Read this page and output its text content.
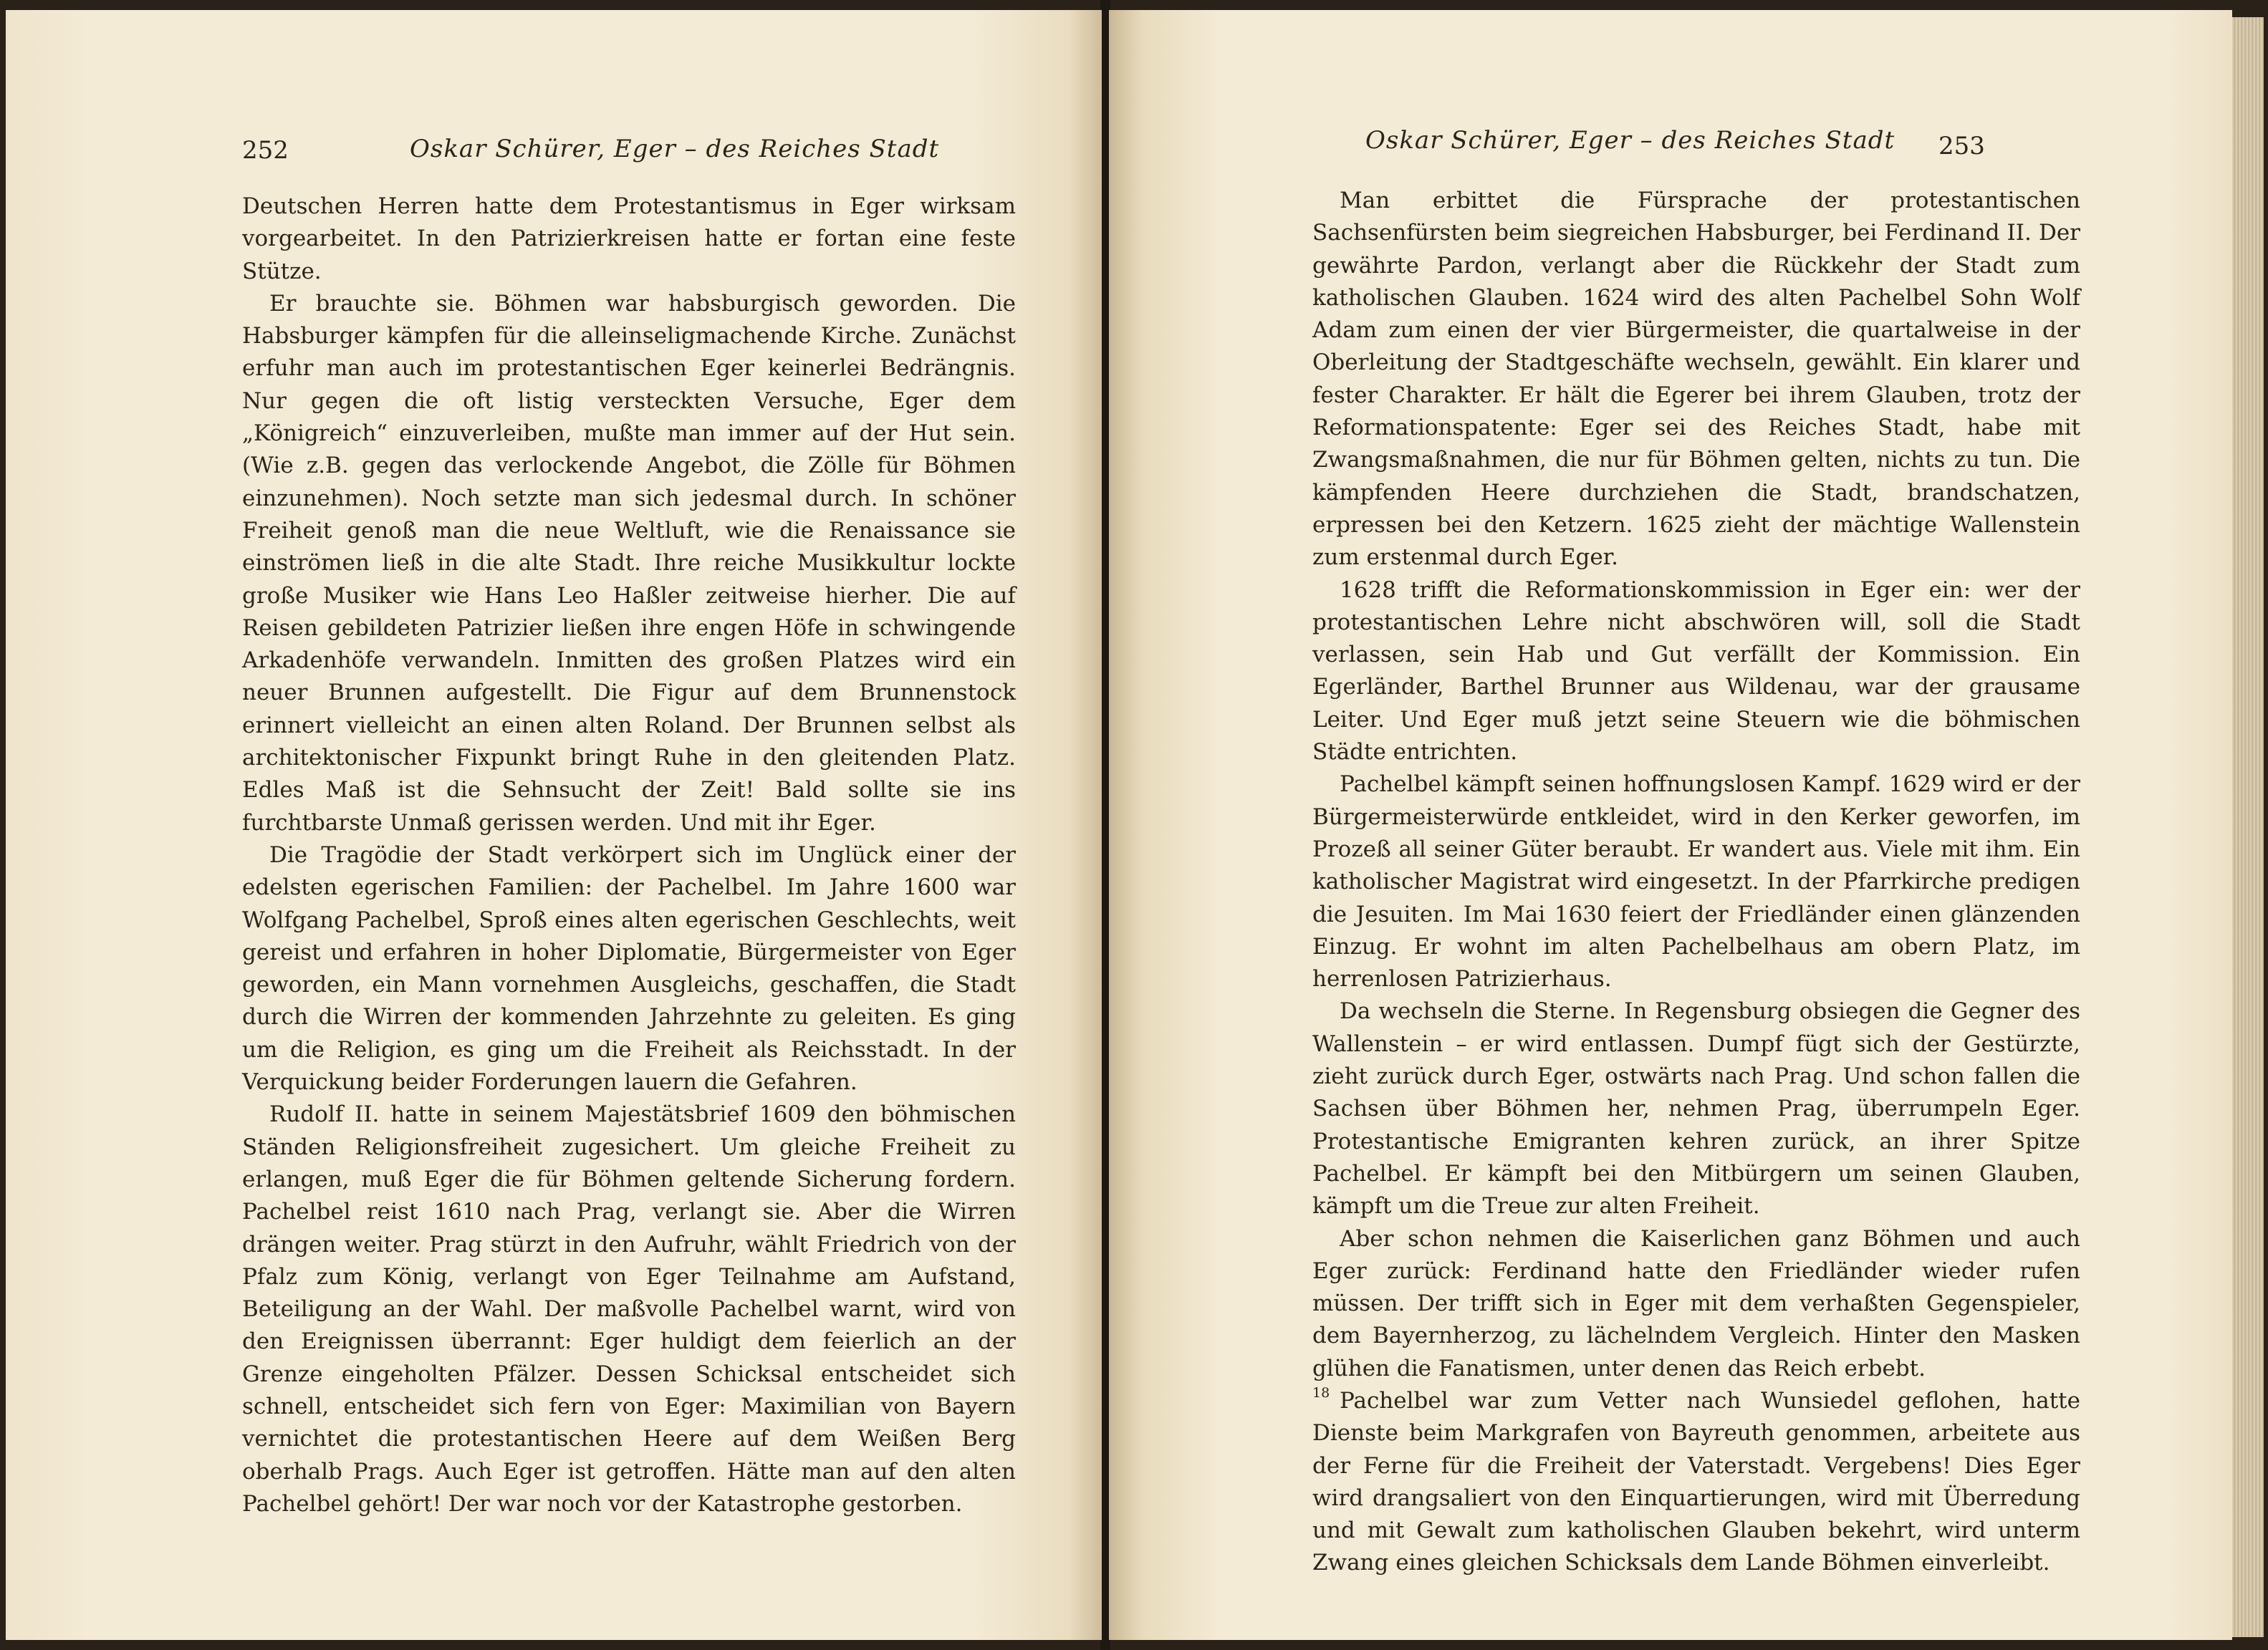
252	Oskar Schürer, Eger – des Reiches Stadt

Deutschen Herren hatte dem Protestantismus in Eger wirksam vorgearbeitet. In den Patrizierkreisen hatte er fortan eine feste Stütze.

Er brauchte sie. Böhmen war habsburgisch geworden. Die Habsburger kämpfen für die alleinseligmachende Kirche. Zunächst erfuhr man auch im protestantischen Eger keinerlei Bedrängnis. Nur gegen die oft listig versteckten Versuche, Eger dem „Königreich“ einzuverleiben, mußte man immer auf der Hut sein. (Wie z.B. gegen das verlockende Angebot, die Zölle für Böhmen einzunehmen). Noch setzte man sich jedesmal durch. In schöner Freiheit genoß man die neue Weltluft, wie die Renaissance sie einströmen ließ in die alte Stadt. Ihre reiche Musikkultur lockte große Musiker wie Hans Leo Haßler zeitweise hierher. Die auf Reisen gebildeten Patrizier ließen ihre engen Höfe in schwingende Arkadenhöfe verwandeln. Inmitten des großen Platzes wird ein neuer Brunnen aufgestellt. Die Figur auf dem Brunnenstock erinnert vielleicht an einen alten Roland. Der Brunnen selbst als architektonischer Fixpunkt bringt Ruhe in den gleitenden Platz. Edles Maß ist die Sehnsucht der Zeit! Bald sollte sie ins furchtbarste Unmaß gerissen werden. Und mit ihr Eger.

Die Tragödie der Stadt verkörpert sich im Unglück einer der edelsten egerischen Familien: der Pachelbel. Im Jahre 1600 war Wolfgang Pachelbel, Sproß eines alten egerischen Geschlechts, weit gereist und erfahren in hoher Diplomatie, Bürgermeister von Eger geworden, ein Mann vornehmen Ausgleichs, geschaffen, die Stadt durch die Wirren der kommenden Jahrzehnte zu geleiten. Es ging um die Religion, es ging um die Freiheit als Reichsstadt. In der Verquickung beider Forderungen lauern die Gefahren.

Rudolf II. hatte in seinem Majestätsbrief 1609 den böhmischen Ständen Religionsfreiheit zugesichert. Um gleiche Freiheit zu erlangen, muß Eger die für Böhmen geltende Sicherung fordern. Pachelbel reist 1610 nach Prag, verlangt sie. Aber die Wirren drängen weiter. Prag stürzt in den Aufruhr, wählt Friedrich von der Pfalz zum König, verlangt von Eger Teilnahme am Aufstand, Beteiligung an der Wahl. Der maßvolle Pachelbel warnt, wird von den Ereignissen überrannt: Eger huldigt dem feierlich an der Grenze eingeholten Pfälzer. Dessen Schicksal entscheidet sich schnell, entscheidet sich fern von Eger: Maximilian von Bayern vernichtet die protestantischen Heere auf dem Weißen Berg oberhalb Prags. Auch Eger ist getroffen. Hätte man auf den alten Pachelbel gehört! Der war noch vor der Katastrophe gestorben.

Oskar Schürer, Eger – des Reiches Stadt 253

Man erbittet die Fürsprache der protestantischen Sachsenfürsten beim siegreichen Habsburger, bei Ferdinand II. Der gewährte Pardon, verlangt aber die Rückkehr der Stadt zum katholischen Glauben. 1624 wird des alten Pachelbel Sohn Wolf Adam zum einen der vier Bürgermeister, die quartalweise in der Oberleitung der Stadtgeschäfte wechseln, gewählt. Ein klarer und fester Charakter. Er hält die Egerer bei ihrem Glauben, trotz der Reformationspatente: Eger sei des Reiches Stadt, habe mit Zwangsmaßnahmen, die nur für Böhmen gelten, nichts zu tun. Die kämpfenden Heere durchziehen die Stadt, brandschatzen, erpressen bei den Ketzern. 1625 zieht der mächtige Wallenstein zum erstenmal durch Eger.

1628 trifft die Reformationskommission in Eger ein: wer der protestantischen Lehre nicht abschwören will, soll die Stadt verlassen, sein Hab und Gut verfällt der Kommission. Ein Egerländer, Barthel Brunner aus Wildenau, war der grausame Leiter. Und Eger muß jetzt seine Steuern wie die böhmischen Städte entrichten.

Pachelbel kämpft seinen hoffnungslosen Kampf. 1629 wird er der Bürgermeisterwürde entkleidet, wird in den Kerker geworfen, im Prozeß all seiner Güter beraubt. Er wandert aus. Viele mit ihm. Ein katholischer Magistrat wird eingesetzt. In der Pfarrkirche predigen die Jesuiten. Im Mai 1630 feiert der Friedländer einen glänzenden Einzug. Er wohnt im alten Pachelbelhaus am obern Platz, im herrenlosen Patrizierhaus.

Da wechseln die Sterne. In Regensburg obsiegen die Gegner des Wallenstein – er wird entlassen. Dumpf fügt sich der Gestürzte, zieht zurück durch Eger, ostwärts nach Prag. Und schon fallen die Sachsen über Böhmen her, nehmen Prag, überrumpeln Eger. Protestantische Emigranten kehren zurück, an ihrer Spitze Pachelbel. Er kämpft bei den Mitbürgern um seinen Glauben, kämpft um die Treue zur alten Freiheit.

Aber schon nehmen die Kaiserlichen ganz Böhmen und auch Eger zurück: Ferdinand hatte den Friedländer wieder rufen müssen. Der trifft sich in Eger mit dem verhaßten Gegenspieler, dem Bayernherzog, zu lächelndem Vergleich. Hinter den Masken glühen die Fanatismen, unter denen das Reich erbebt.

Pachelbel war zum Vetter nach Wunsiedel geflohen, hatte Dienste beim Markgrafen von Bayreuth genommen, arbeitete aus der Ferne für die Freiheit der Vaterstadt. Vergebens! Dies Eger wird drangsaliert von den Einquartierungen, wird mit Überredung und mit Gewalt zum katholischen Glauben bekehrt, wird unterm Zwang eines gleichen Schicksals dem Lande Böhmen einverleibt.

18
